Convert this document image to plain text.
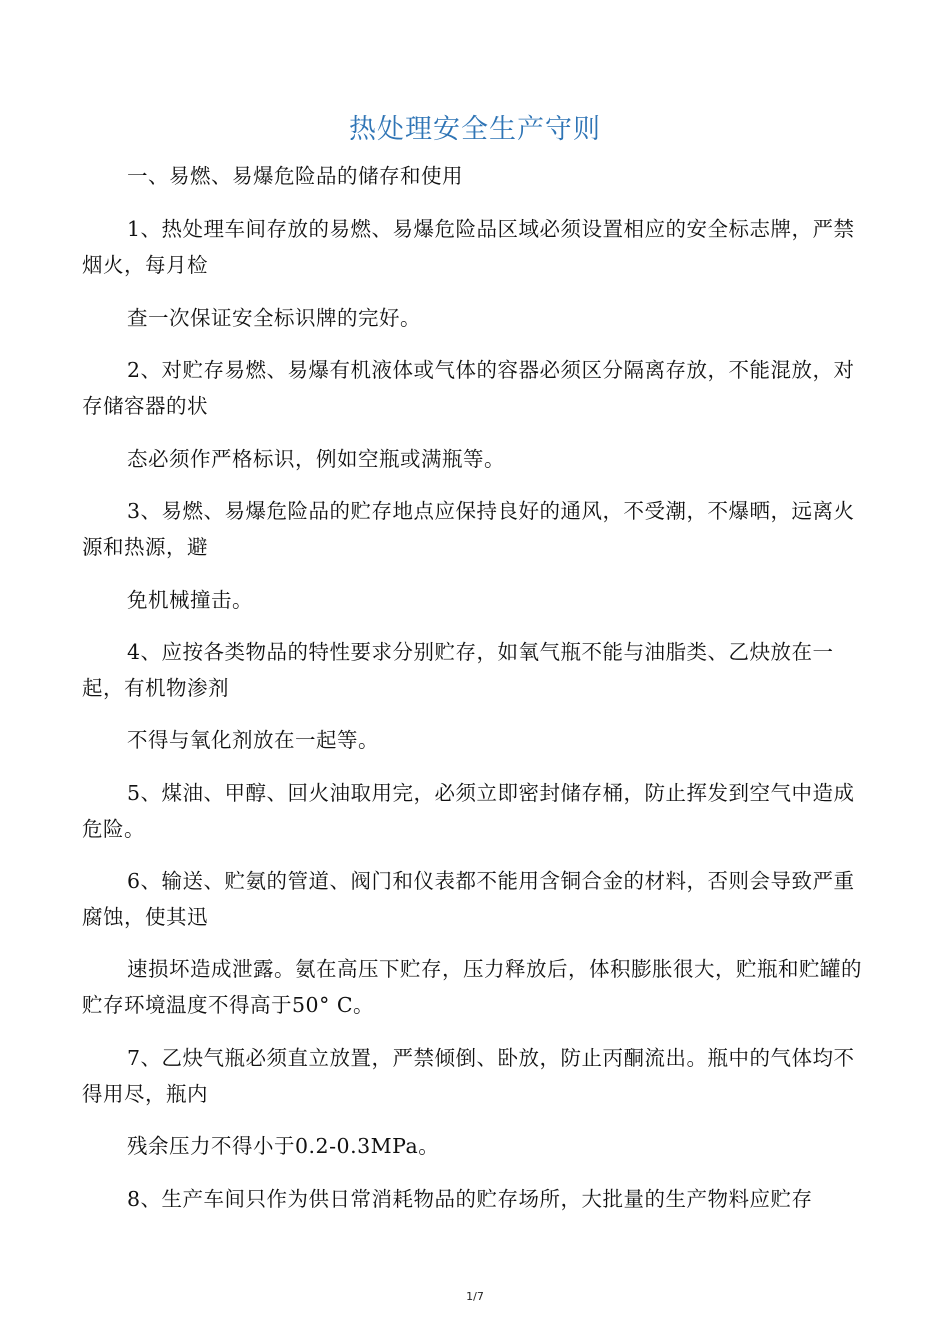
热处理安全生产守则
一、易燃、易爆危险品的储存和使用
1、热处理车间存放的易燃、易爆危险品区域必须设置相应的安全标志牌，严禁烟火，每月检
查一次保证安全标识牌的完好。
2、对贮存易燃、易爆有机液体或气体的容器必须区分隔离存放，不能混放，对存储容器的状
态必须作严格标识，例如空瓶或满瓶等。
3、易燃、易爆危险品的贮存地点应保持良好的通风，不受潮，不爆晒，远离火源和热源，避
免机械撞击。
4、应按各类物品的特性要求分别贮存，如氧气瓶不能与油脂类、乙炔放在一起，有机物渗剂
不得与氧化剂放在一起等。
5、煤油、甲醇、回火油取用完，必须立即密封储存桶，防止挥发到空气中造成危险。
6、输送、贮氨的管道、阀门和仪表都不能用含铜合金的材料，否则会导致严重腐蚀，使其迅
速损坏造成泄露。氨在高压下贮存，压力释放后，体积膨胀很大，贮瓶和贮罐的贮存环境温度不得高于50° C。
7、乙炔气瓶必须直立放置，严禁倾倒、卧放，防止丙酮流出。瓶中的气体均不得用尽，瓶内
残余压力不得小于0.2-0.3MPa。
8、生产车间只作为供日常消耗物品的贮存场所，大批量的生产物料应贮存
1/7
